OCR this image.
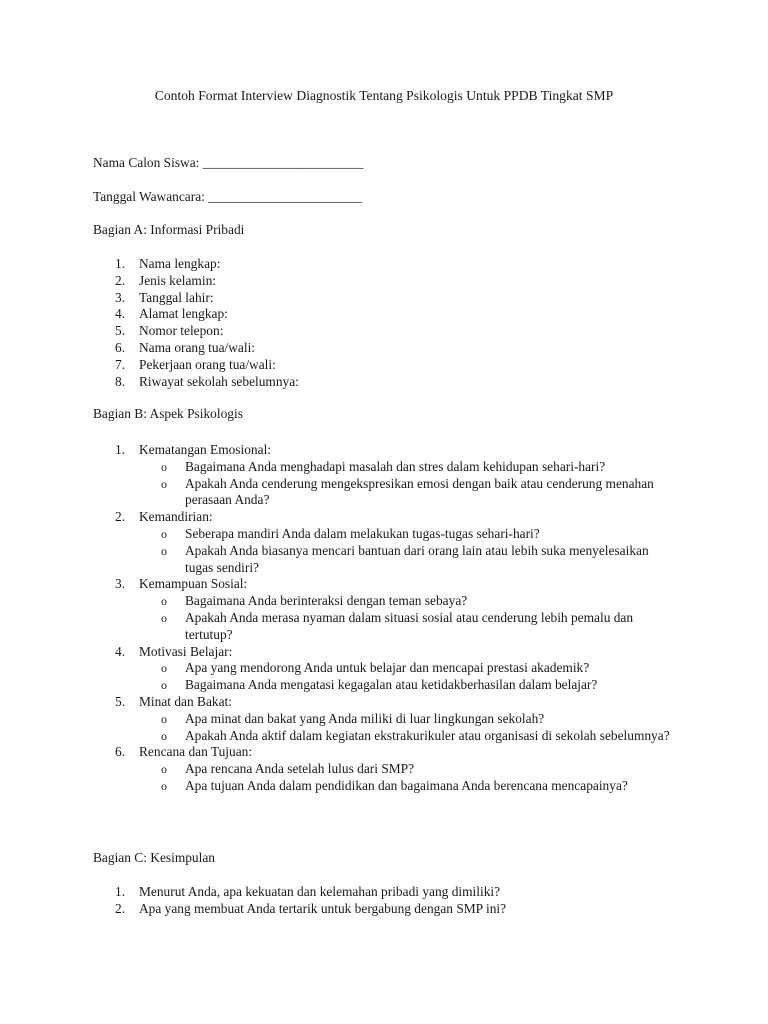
Contoh Format Interview Diagnostik Tentang Psikologis Untuk PPDB Tingkat SMP
Nama Calon Siswa: ________________________
Tanggal Wawancara: _______________________
Bagian A: Informasi Pribadi
1. Nama lengkap:
2. Jenis kelamin:
3. Tanggal lahir:
4. Alamat lengkap:
5. Nomor telepon:
6. Nama orang tua/wali:
7. Pekerjaan orang tua/wali:
8. Riwayat sekolah sebelumnya:
Bagian B: Aspek Psikologis
1. Kematangan Emosional:
o Bagaimana Anda menghadapi masalah dan stres dalam kehidupan sehari-hari?
o Apakah Anda cenderung mengekspresikan emosi dengan baik atau cenderung menahan perasaan Anda?
2. Kemandirian:
o Seberapa mandiri Anda dalam melakukan tugas-tugas sehari-hari?
o Apakah Anda biasanya mencari bantuan dari orang lain atau lebih suka menyelesaikan tugas sendiri?
3. Kemampuan Sosial:
o Bagaimana Anda berinteraksi dengan teman sebaya?
o Apakah Anda merasa nyaman dalam situasi sosial atau cenderung lebih pemalu dan tertutup?
4. Motivasi Belajar:
o Apa yang mendorong Anda untuk belajar dan mencapai prestasi akademik?
o Bagaimana Anda mengatasi kegagalan atau ketidakberhasilan dalam belajar?
5. Minat dan Bakat:
o Apa minat dan bakat yang Anda miliki di luar lingkungan sekolah?
o Apakah Anda aktif dalam kegiatan ekstrakurikuler atau organisasi di sekolah sebelumnya?
6. Rencana dan Tujuan:
o Apa rencana Anda setelah lulus dari SMP?
o Apa tujuan Anda dalam pendidikan dan bagaimana Anda berencana mencapainya?
Bagian C: Kesimpulan
1. Menurut Anda, apa kekuatan dan kelemahan pribadi yang dimiliki?
2. Apa yang membuat Anda tertarik untuk bergabung dengan SMP ini?
